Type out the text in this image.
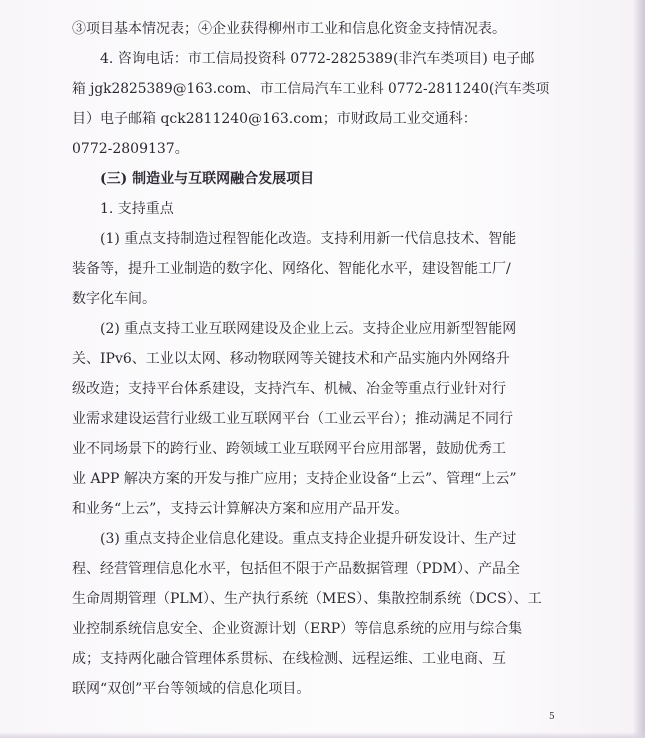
③项目基本情况表；④企业获得柳州市工业和信息化资金支持情况表。
4. 咨询电话：市工信局投资科 0772-2825389(非汽车类项目) 电子邮
箱 jgk2825389@163.com、市工信局汽车工业科 0772-2811240(汽车类项
目）电子邮箱 qck2811240@163.com；市财政局工业交通科：
0772-2809137。
(三) 制造业与互联网融合发展项目
1. 支持重点
(1) 重点支持制造过程智能化改造。支持利用新一代信息技术、智能
装备等，提升工业制造的数字化、网络化、智能化水平，建设智能工厂/
数字化车间。
(2) 重点支持工业互联网建设及企业上云。支持企业应用新型智能网
关、IPv6、工业以太网、移动物联网等关键技术和产品实施内外网络升
级改造；支持平台体系建设，支持汽车、机械、冶金等重点行业针对行
业需求建设运营行业级工业互联网平台（工业云平台）；推动满足不同行
业不同场景下的跨行业、跨领域工业互联网平台应用部署，鼓励优秀工
业 APP 解决方案的开发与推广应用；支持企业设备“上云”、管理“上云”
和业务“上云”，支持云计算解决方案和应用产品开发。
(3) 重点支持企业信息化建设。重点支持企业提升研发设计、生产过
程、经营管理信息化水平，包括但不限于产品数据管理（PDM）、产品全
生命周期管理（PLM）、生产执行系统（MES）、集散控制系统（DCS）、工
业控制系统信息安全、企业资源计划（ERP）等信息系统的应用与综合集
成；支持两化融合管理体系贯标、在线检测、远程运维、工业电商、互
联网“双创”平台等领域的信息化项目。
5
